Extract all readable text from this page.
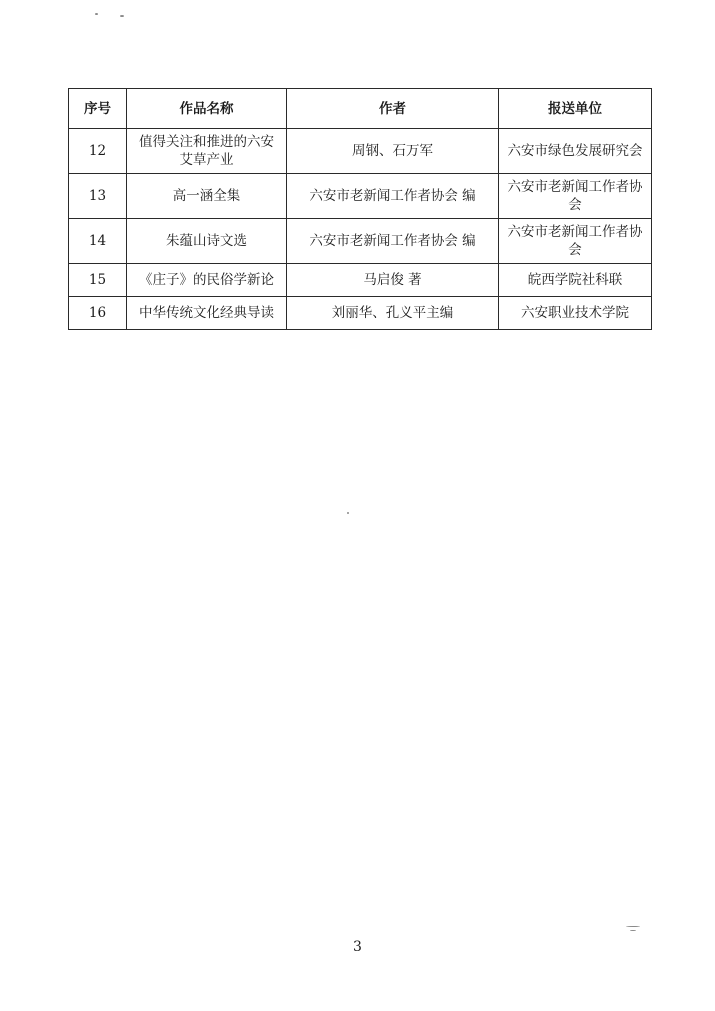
序号	作品名称	作者	报送单位
12	值得关注和推进的六安艾草产业	周钢、石万军	六安市绿色发展研究会
13	高一涵全集	六安市老新闻工作者协会 编	六安市老新闻工作者协会
14	朱蕴山诗文选	六安市老新闻工作者协会 编	六安市老新闻工作者协会
15	《庄子》的民俗学新论	马启俊 著	皖西学院社科联
16	中华传统文化经典导读	刘丽华、孔义平主编	六安职业技术学院
3
